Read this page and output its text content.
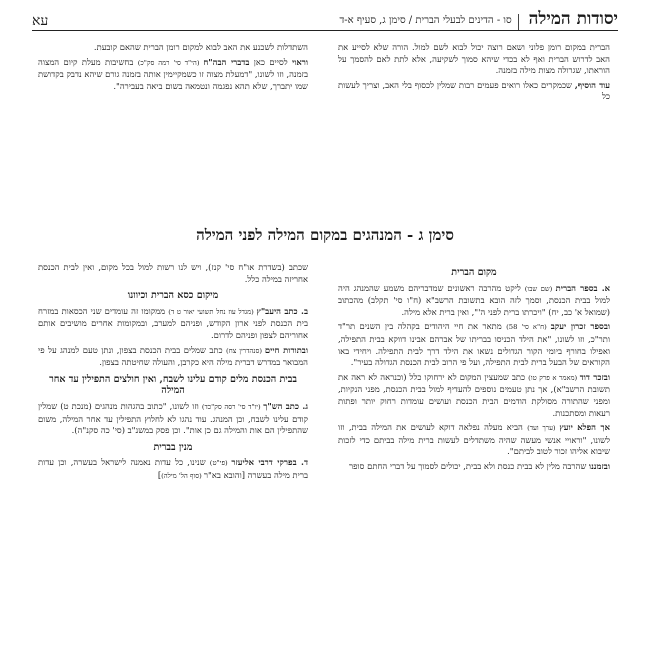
יסודות המילה
סו - הדינים לבעלי הברית / סימן ג, סעיף א-ד
עא

הברית במקום רומן פלוני ושאם רוצה יכול לבוא לשם למול. הורה שלא לסייע את האב לדרוש הברית ואף לא בכדי שיהא סמוך לשקיעה, אלא לתת לאם להסמך על הוראתו, שגרולה מצות מילה בזמנה.

עוד הוסיף, שכמקרים כאלו רואים פעמים רבות שמלין לכסוף בלי האב, וצריך לעשות כל

השתדלות לשכנע את האב לבוא למקום רומן הברית שהאם קובעת.

וראוי לסיים כאן בדברי הבה"ח (הי"ד סי' רמה סק"כ) בחשיבות מעלת קיום המצוה בזמנה, וזו לשונו, "דמעלת מצוה זו כשמקיימין אותה בזמנה גורם שיהא נדבק בקדושת שמו יתברך, שלא תהא נפגמה ונטמאה בשום ביאה בעבירה".

סימן ג - המנהגים במקום המילה לפני המילה
מקום הברית

א. בספר הברית (שם שבו) ליקט מהרבה ראשונים שמדבריהם משמע שהמנהג היה למול בבית הכנסת, וסמך לזה הובא בתשובת הרשב"א (ח"ו סי' תקלב) מהכתוב (שמואל א' כב, יח) "ויכרתו ברית לפני ה'", ואין ברית אלא מילה.

ובספר זכרון יעקב (ח"א סי' 58) מתאר את חיי היהודים בקהלה בין השנים תר"ד ותר"כ, וזו לשונו, "את הילד הכניסו בבריתו של אברהם אבינו דווקא בבית התפילה, ואפילו בחורף ביומי הקור הגדולים נשאו את הילד דרך לבית התפילה. ויחידי באו הקוראים של הבעל ברית לבית התפילה, ועל פי הרוב לבית הכנסת הגדולה בעיר".

ובזכר דוד (מאמר א פרק טו) כתב שמעצין המקום לא ירחוקו כלל (וכנראה לא ראה את תשובת הרשב"א), אך נתן טעמים נוספים להעדיף למול בבית הכנסת, מפני הנקיות, ומפני שהתורה מסולקת הודמים הבית הכנסת ועושים עומדות רחוק יותר ופתות רעאות ומסתכנות.

אך הפלא יועץ (ערך ועד) הביא מעלה נפלאה דוקא לעושים את המילה בבית, וזו לשונו, "וראויי אנשי מעשה שהיה משתדלים לעשות ברית מילה בביתם כדי לזכות שיבוא אליהו זכור לטוב לביתם".

ובזמננו שהרבה מלין לא בבית כנסת ולא בבית, יכולים לסמוך על דברי החתם סופר

שכתב (בשדרת או"ח סי' קנז), ויש לנו רשות למול בכל מקום, ואין לבית הכנסת אחריזה במילה כלל.

מיקום כסא הברית וכיוונו

ב. כתב היעב"ץ (מגדל עוז נחל תשועי יאור ט ד) ממקומו זה עומדים שני הכסאות במזרח בית הכנסת לפני ארון הקודש, ופניהם למערב, ובמקומות אחרים מושיבים אותם אחוריהם לצפון ופניהם לדרום.

ובתורות חיים (סנהדרין צח) כתב שמלים בבית הכנסת בצפון, ונתן טעם למנהג על פי המבואר במדרש דברית מילה היא כקרבן, והעולה שחיטתה בצפון.

בבית הכנסת מלים קודם עלינו לשבח, ואין חולצים התפילין עד אחר המילה

ג. כתב הש"ך (יו"ד סי' רסה סק"כד) וזו לשונו, "כתוב בהגהות מנהגים (מנכת ט) שמלין קודם עלינו לשבח, וכן המנהג. עוד נהגו לא לחלוץ התפילין עד אחר המילה, משום שהתפילין הם אות והמילה גם כן אות". וכן פסק במשנ"ב (סי' כה סקנ"ה).

מנין בברית

ד. בפרקי דרבי אליעזר (פי"ט) שנינו, כל עדות נאמנה לישראל בעשרה, וכן עדות ברית מילה בעשרה [והובא בא"ר (סוף הל' מילה)]
